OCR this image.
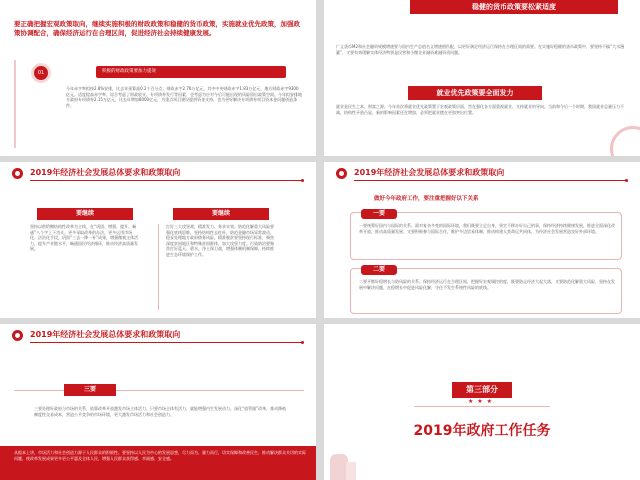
要正确把握宏观政策取向，继续实施积极的财政政策和稳健的货币政策，实施就业优先政策，加强政策协调配合，确保经济运行在合理区间，促进经济社会持续健康发展。
01	积极的财政政策要加力提效
今年赤字率拟按2.8%安排，比去年预算高0.2个百分点；财政赤字2.76万亿元，其中中央财政赤字1.83万亿元，地方财政赤字9300亿元。适度提高赤字率，综合考虑了财政收支、专项债券发行等因素，也考虑为应对今后可能出现的风险留出政策空间。今年拟安排地方政府专项债券2.15万亿元，比去年增加8000亿元，为重点项目建设提供资金支持，也为更好解决专项债券项目资本金问题创造条件。
稳健的货币政策要松紧适度
广义货币M2和社会融资规模增速要与国内生产总值名义增速相匹配，以更好满足经济运行保持在合理区间的需要。在实施好稳健的货币政策中，要坚持不搞“大水漫灌”，又要有效缓解实体经济特别是民营和小微企业融资难融资贵问题。
就业优先政策要全面发力
就业是民生之本、财富之源。今年首次将就业优先政策置于宏观政策层面，旨在强化各方面重视就业、支持就业的导向。当前和今后一个时期，我国就业总量压力不减、结构性矛盾凸显，新的影响因素还在增加，必须把就业摆在更加突出位置。
2019年经济社会发展总体要求和政策取向
要继续
坚持以供给侧结构性改革为主线，在“巩固、增强、提升、畅通”八个字上下功夫。更多采取改革的办法，更多运用市场化、法治化手段，巩固“三去一降一补”成果，增强微观主体活力，提升产业链水平，畅通国民经济循环，推动经济高质量发展。
要继续
打好三大攻坚战，精准发力、务求实效。防范化解重大风险要强化底线思维，坚持结构性去杠杆，防范金融市场异常波动，稳妥处理地方政府债务风险。精准脱贫要坚持现行标准，聚焦深度贫困地区和特殊贫困群体，加大攻坚力度。污染防治要聚焦打好蓝天、碧水、净土保卫战，增强体制机制保障，持续推进生态环境保护工作。
2019年经济社会发展总体要求和政策取向
做好今年政府工作，要注重把握好以下关系
一要
一要统筹好国内与国际的关系。面对复杂多变的国际环境，我们既要立足自身，坚定不移办好自己的事，保持经济持续健康发展，推进全面深化改革开放，推动高质量发展；又要积极参与国际合作，维护多边贸易体制，推动构建人类命运共同体，为经济社会发展营造良好外部环境。
二要
二要平衡好稳增长与防风险的关系。保持经济运行在合理区间，把握好宏观调控的度，既要防止经济大起大落，又要防范化解重大风险，坚持在发展中解决问题，在稳增长中促进风险化解，守住不发生系统性风险的底线。
2019年经济社会发展总体要求和政策取向
三要
三要处理好政府与市场的关系，依靠改革开放激发市场主体活力。只要市场主体有活力，就能增强内生发展动力。深化“放管服”改革，推动降低制度性交易成本，营造公平竞争的市场环境，更大激发市场活力和社会创造力。
从根本上讲，市场活力和社会创造力源于人民群众的积极性。要坚持以人民为中心的发展思想，尽力而为、量力而行，切实保障和改善民生，推动解决群众关切的实际问题，使改革发展成果更多更公平惠及全体人民，增强人民群众获得感、幸福感、安全感。
第三部分
★ ★ ★
2019年政府工作任务
